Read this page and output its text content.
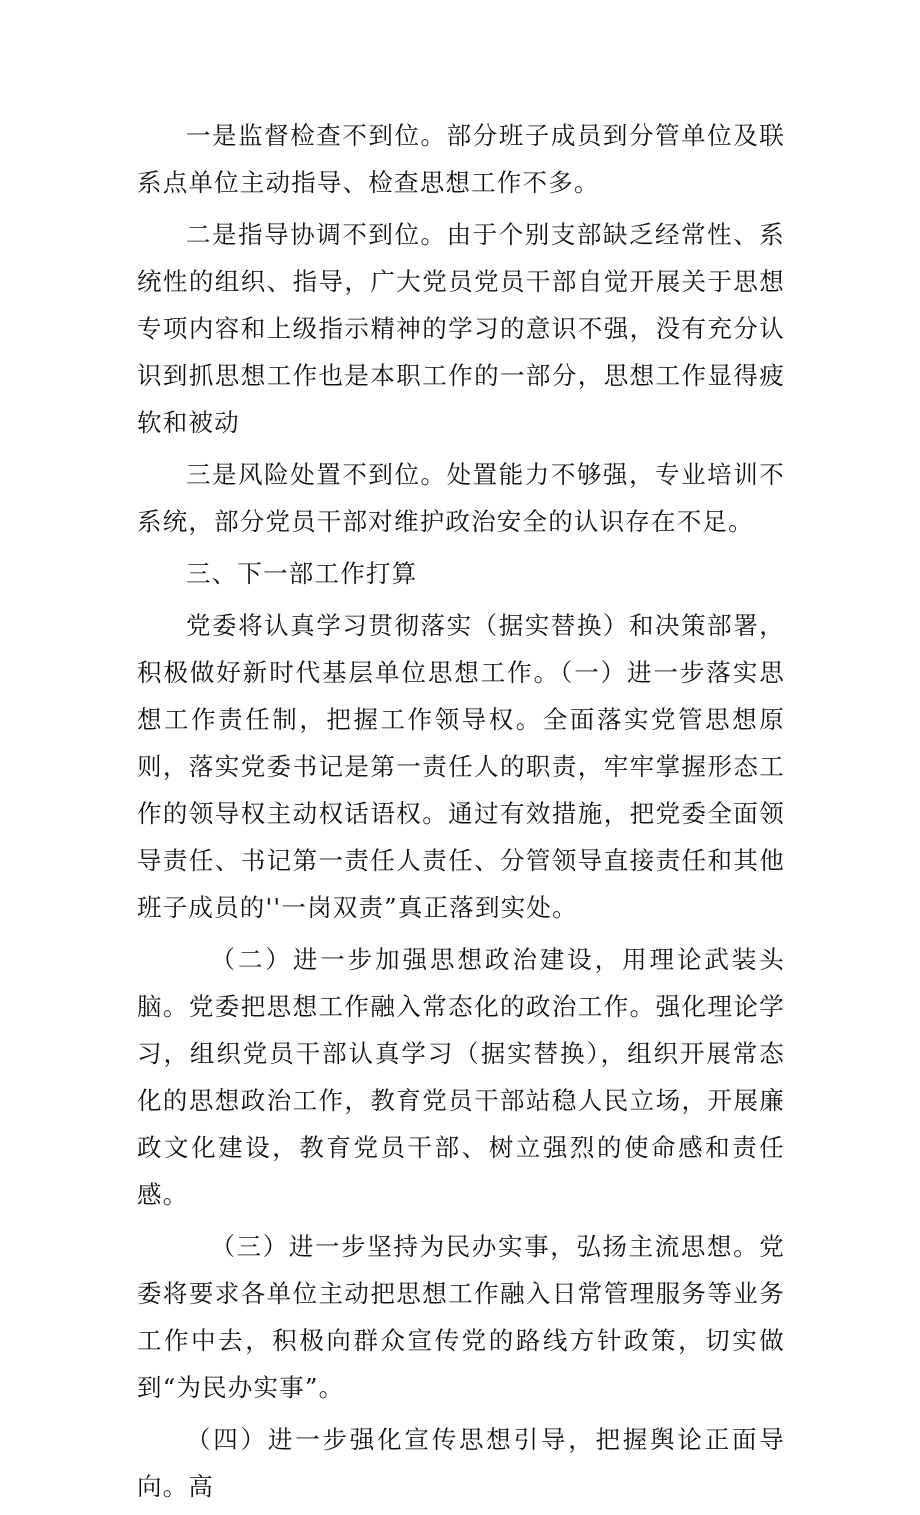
一是监督检查不到位。部分班子成员到分管单位及联系点单位主动指导、检查思想工作不多。

二是指导协调不到位。由于个别支部缺乏经常性、系统性的组织、指导，广大党员党员干部自觉开展关于思想专项内容和上级指示精神的学习的意识不强，没有充分认识到抓思想工作也是本职工作的一部分，思想工作显得疲软和被动

三是风险处置不到位。处置能力不够强，专业培训不系统，部分党员干部对维护政治安全的认识存在不足。

三、下一部工作打算

党委将认真学习贯彻落实（据实替换）和决策部署，积极做好新时代基层单位思想工作。（一）进一步落实思想工作责任制，把握工作领导权。全面落实党管思想原则，落实党委书记是第一责任人的职责，牢牢掌握形态工作的领导权主动权话语权。通过有效措施，把党委全面领导责任、书记第一责任人责任、分管领导直接责任和其他班子成员的''一岗双责”真正落到实处。

（二）进一步加强思想政治建设，用理论武装头脑。党委把思想工作融入常态化的政治工作。强化理论学习，组织党员干部认真学习（据实替换），组织开展常态化的思想政治工作，教育党员干部站稳人民立场，开展廉政文化建设，教育党员干部、树立强烈的使命感和责任感。

（三）进一步坚持为民办实事，弘扬主流思想。党委将要求各单位主动把思想工作融入日常管理服务等业务工作中去，积极向群众宣传党的路线方针政策，切实做到“为民办实事”。

（四）进一步强化宣传思想引导，把握舆论正面导向。高
